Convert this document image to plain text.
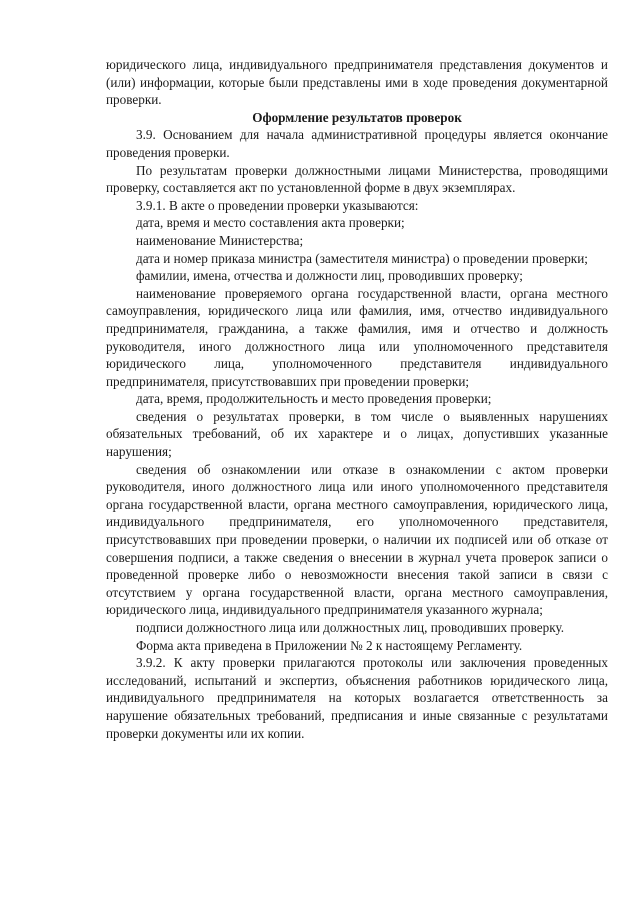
юридического лица, индивидуального предпринимателя представления документов и (или) информации, которые были представлены ими в ходе проведения документарной проверки.

Оформление результатов проверок

3.9. Основанием для начала административной процедуры является окончание проведения проверки.

По результатам проверки должностными лицами Министерства, проводящими проверку, составляется акт по установленной форме в двух экземплярах.

3.9.1. В акте о проведении проверки указываются:

дата, время и место составления акта проверки;

наименование Министерства;

дата и номер приказа министра (заместителя министра) о проведении проверки;

фамилии, имена, отчества и должности лиц, проводивших проверку;

наименование проверяемого органа государственной власти, органа местного самоуправления, юридического лица или фамилия, имя, отчество индивидуального предпринимателя, гражданина, а также фамилия, имя и отчество и должность руководителя, иного должностного лица или уполномоченного представителя юридического лица, уполномоченного представителя индивидуального предпринимателя, присутствовавших при проведении проверки;

дата, время, продолжительность и место проведения проверки;

сведения о результатах проверки, в том числе о выявленных нарушениях обязательных требований, об их характере и о лицах, допустивших указанные нарушения;

сведения об ознакомлении или отказе в ознакомлении с актом проверки руководителя, иного должностного лица или иного уполномоченного представителя органа государственной власти, органа местного самоуправления, юридического лица, индивидуального предпринимателя, его уполномоченного представителя, присутствовавших при проведении проверки, о наличии их подписей или об отказе от совершения подписи, а также сведения о внесении в журнал учета проверок записи о проведенной проверке либо о невозможности внесения такой записи в связи с отсутствием у органа государственной власти, органа местного самоуправления, юридического лица, индивидуального предпринимателя указанного журнала;

подписи должностного лица или должностных лиц, проводивших проверку.

Форма акта приведена в Приложении № 2 к настоящему Регламенту.

3.9.2. К акту проверки прилагаются протоколы или заключения проведенных исследований, испытаний и экспертиз, объяснения работников юридического лица, индивидуального предпринимателя на которых возлагается ответственность за нарушение обязательных требований, предписания и иные связанные с результатами проверки документы или их копии.
